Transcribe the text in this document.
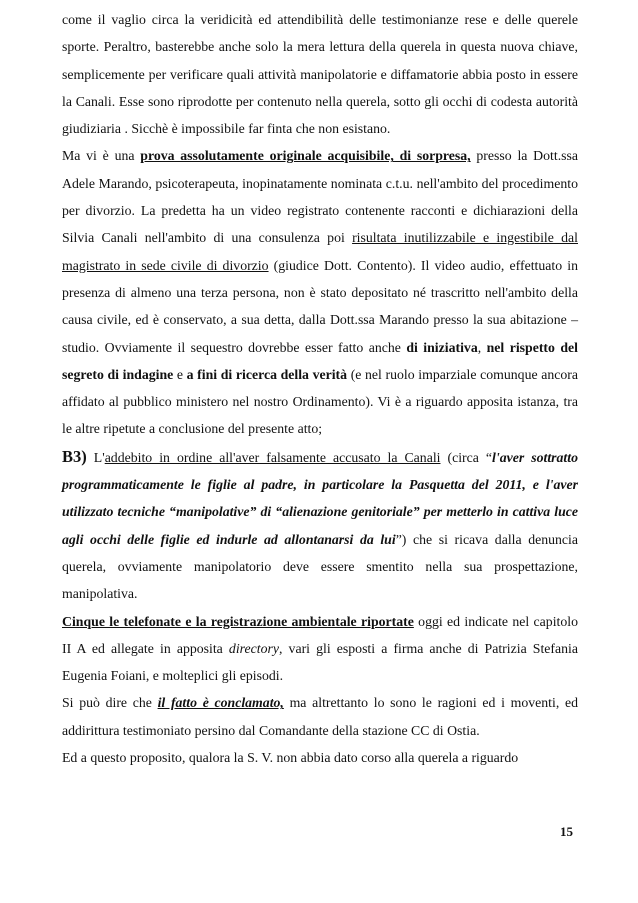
come il vaglio circa la veridicità ed attendibilità delle testimonianze rese e delle querele sporte. Peraltro, basterebbe anche solo la mera lettura della querela in questa nuova chiave, semplicemente per verificare quali attività manipolatorie e diffamatorie abbia posto in essere la Canali. Esse sono riprodotte per contenuto nella querela, sotto gli occhi di codesta autorità giudiziaria . Sicchè è impossibile far finta che non esistano.

Ma vi è una prova assolutamente originale acquisibile, di sorpresa, presso la Dott.ssa Adele Marando, psicoterapeuta, inopinatamente nominata c.t.u. nell'ambito del procedimento per divorzio. La predetta ha un video registrato contenente racconti e dichiarazioni della Silvia Canali nell'ambito di una consulenza poi risultata inutilizzabile e ingestibile dal magistrato in sede civile di divorzio (giudice Dott. Contento). Il video audio, effettuato in presenza di almeno una terza persona, non è stato depositato né trascritto nell'ambito della causa civile, ed è conservato, a sua detta, dalla Dott.ssa Marando presso la sua abitazione – studio. Ovviamente il sequestro dovrebbe esser fatto anche di iniziativa, nel rispetto del segreto di indagine e a fini di ricerca della verità (e nel ruolo imparziale comunque ancora affidato al pubblico ministero nel nostro Ordinamento). Vi è a riguardo apposita istanza, tra le altre ripetute a conclusione del presente atto;

B3) L'addebito in ordine all'aver falsamente accusato la Canali (circa “l'aver sottratto programmaticamente le figlie al padre, in particolare la Pasquetta del 2011, e l'aver utilizzato tecniche “manipolative” di “alienazione genitoriale” per metterlo in cattiva luce agli occhi delle figlie ed indurle ad allontanarsi da lui”) che si ricava dalla denuncia querela, ovviamente manipolatorio deve essere smentito nella sua prospettazione, manipolativa.

Cinque le telefonate e la registrazione ambientale riportate oggi ed indicate nel capitolo II A ed allegate in apposita directory, vari gli esposti a firma anche di Patrizia Stefania Eugenia Foiani, e molteplici gli episodi.

Si può dire che il fatto è conclamato, ma altrettanto lo sono le ragioni ed i moventi, ed addirittura testimoniato persino dal Comandante della stazione CC di Ostia.

Ed a questo proposito, qualora la S. V. non abbia dato corso alla querela a riguardo

15
